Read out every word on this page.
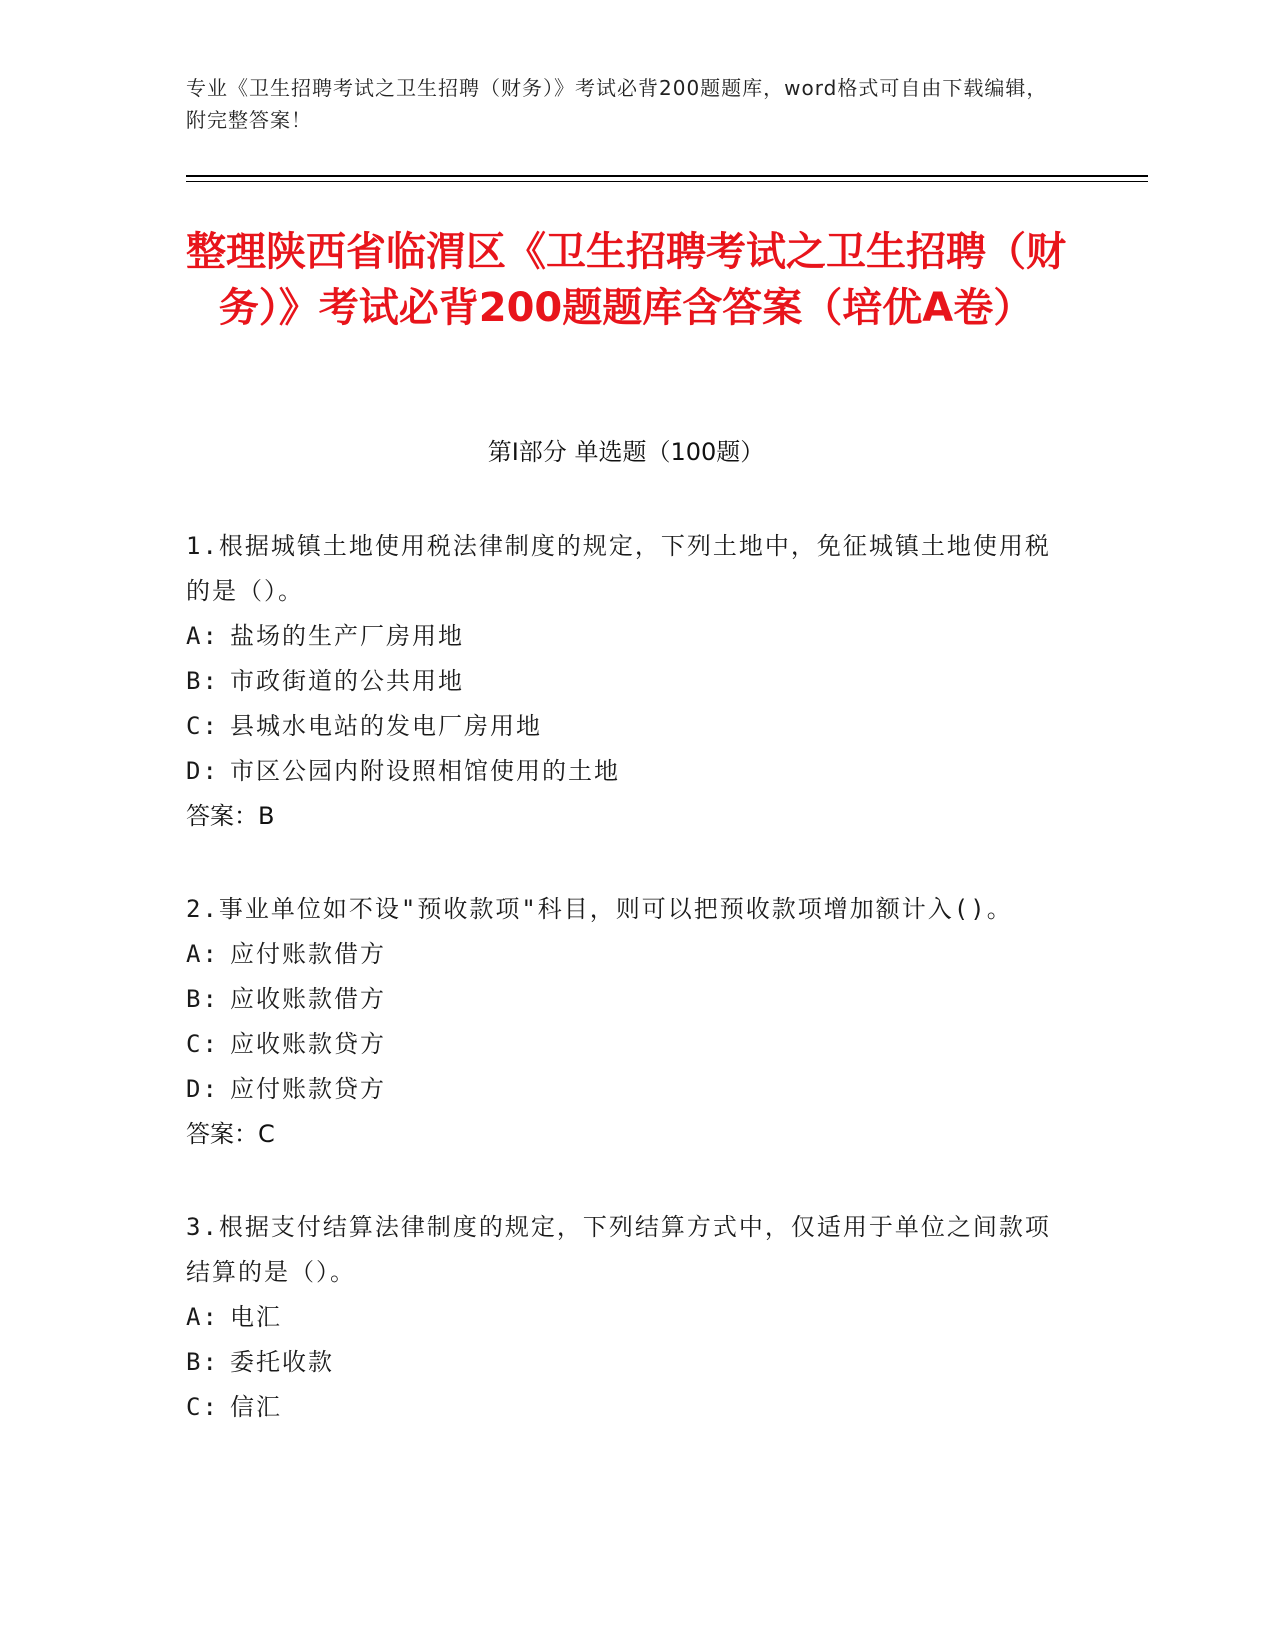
专业《卫生招聘考试之卫生招聘（财务）》考试必背200题题库，word格式可自由下载编辑，附完整答案！
整理陕西省临渭区《卫生招聘考试之卫生招聘（财务）》考试必背200题题库含答案（培优A卷）
第Ⅰ部分 单选题（100题）
1.根据城镇土地使用税法律制度的规定，下列土地中，免征城镇土地使用税的是（）。
A: 盐场的生产厂房用地
B: 市政街道的公共用地
C: 县城水电站的发电厂房用地
D: 市区公园内附设照相馆使用的土地
答案：B
2.事业单位如不设"预收款项"科目，则可以把预收款项增加额计入()。
A: 应付账款借方
B: 应收账款借方
C: 应收账款贷方
D: 应付账款贷方
答案：C
3.根据支付结算法律制度的规定，下列结算方式中，仅适用于单位之间款项结算的是（）。
A: 电汇
B: 委托收款
C: 信汇
